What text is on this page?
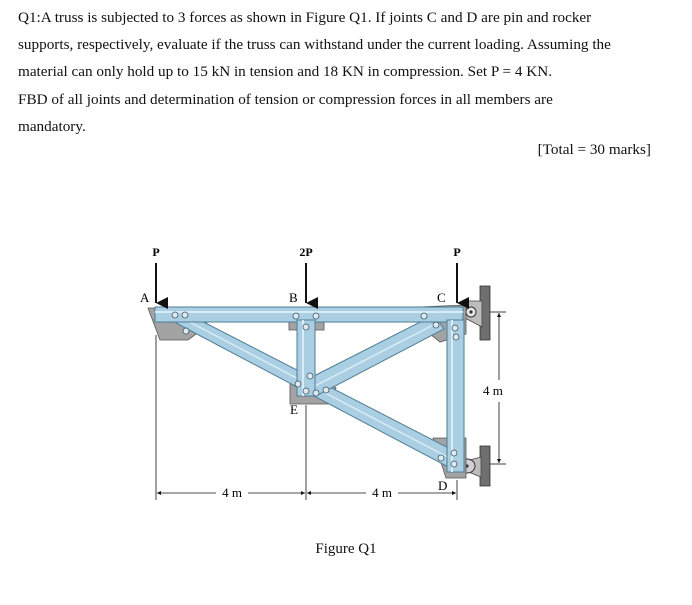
Q1:A truss is subjected to 3 forces as shown in Figure Q1. If joints C and D are pin and rocker

supports, respectively, evaluate if the truss can withstand under the current loading. Assuming the

material can only hold up to 15 kN in tension and 18 KN in compression. Set P = 4 KN.

FBD of all joints and determination of tension or compression forces in all members are

mandatory.

[Total = 30 marks]
P	2P	P
A	B	C
D
E
4 m	4 m
4 m
Figure Q1
